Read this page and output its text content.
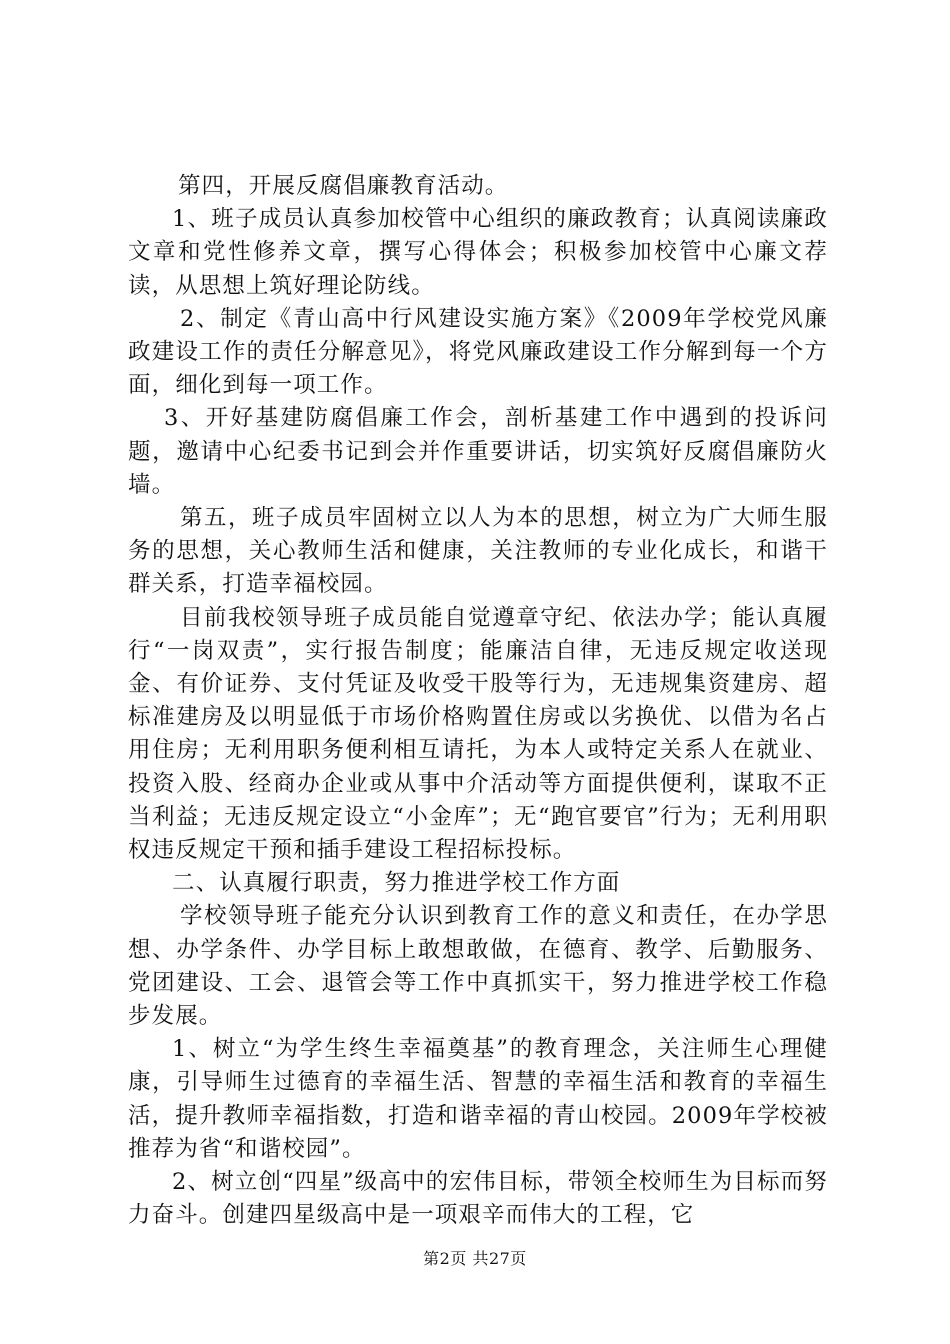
第四，开展反腐倡廉教育活动。

1、班子成员认真参加校管中心组织的廉政教育；认真阅读廉政文章和党性修养文章，撰写心得体会；积极参加校管中心廉文荐读，从思想上筑好理论防线。

2、制定《青山高中行风建设实施方案》《2009年学校党风廉政建设工作的责任分解意见》，将党风廉政建设工作分解到每一个方面，细化到每一项工作。

3、开好基建防腐倡廉工作会，剖析基建工作中遇到的投诉问题，邀请中心纪委书记到会并作重要讲话，切实筑好反腐倡廉防火墙。

第五，班子成员牢固树立以人为本的思想，树立为广大师生服务的思想，关心教师生活和健康，关注教师的专业化成长，和谐干群关系，打造幸福校园。

目前我校领导班子成员能自觉遵章守纪、依法办学；能认真履行“一岗双责”，实行报告制度；能廉洁自律，无违反规定收送现金、有价证券、支付凭证及收受干股等行为，无违规集资建房、超标准建房及以明显低于市场价格购置住房或以劣换优、以借为名占用住房；无利用职务便利相互请托，为本人或特定关系人在就业、投资入股、经商办企业或从事中介活动等方面提供便利，谋取不正当利益；无违反规定设立“小金库”；无“跑官要官”行为；无利用职权违反规定干预和插手建设工程招标投标。

二、认真履行职责，努力推进学校工作方面

学校领导班子能充分认识到教育工作的意义和责任，在办学思想、办学条件、办学目标上敢想敢做，在德育、教学、后勤服务、党团建设、工会、退管会等工作中真抓实干，努力推进学校工作稳步发展。

1、树立“为学生终生幸福奠基”的教育理念，关注师生心理健康，引导师生过德育的幸福生活、智慧的幸福生活和教育的幸福生活，提升教师幸福指数，打造和谐幸福的青山校园。2009年学校被推荐为省“和谐校园”。

2、树立创“四星”级高中的宏伟目标，带领全校师生为目标而努力奋斗。创建四星级高中是一项艰辛而伟大的工程，它

第2页 共27页
